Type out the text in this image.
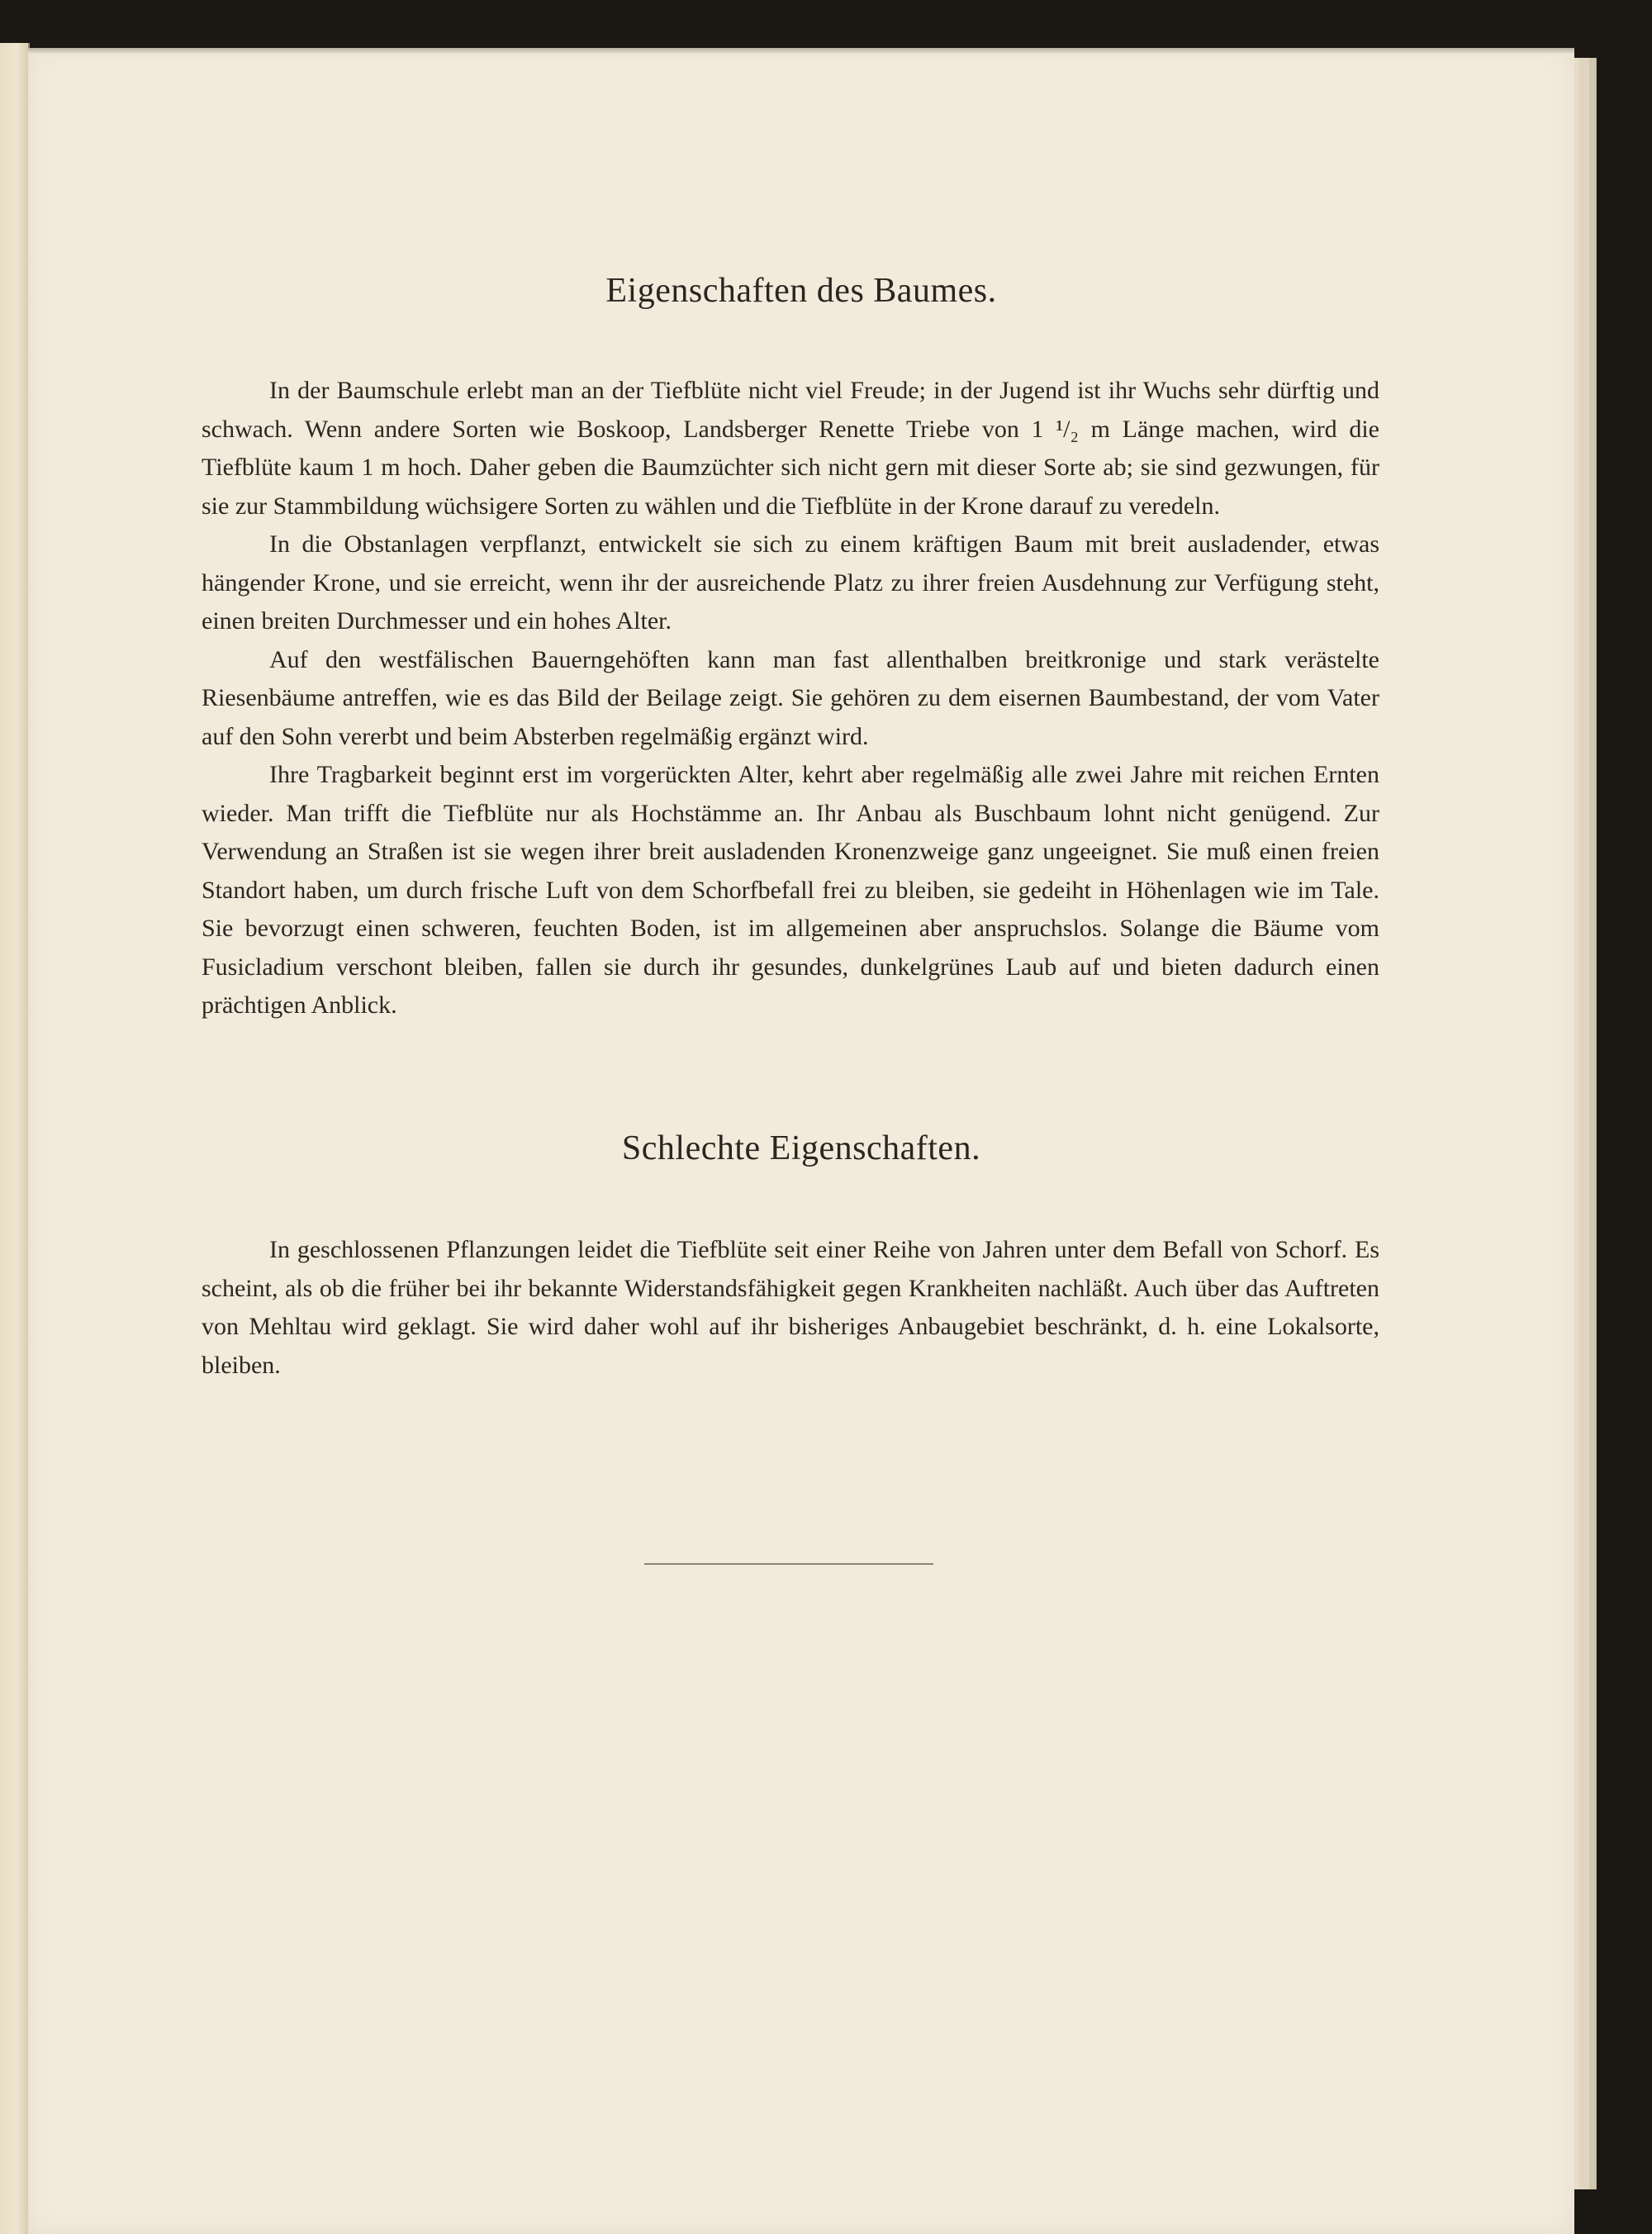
Eigenschaften des Baumes.

In der Baumschule erlebt man an der Tiefblüte nicht viel Freude; in der Jugend ist ihr Wuchs sehr dürftig und schwach. Wenn andere Sorten wie Boskoop, Landsberger Renette Triebe von 1 ¹/₂ m Länge machen, wird die Tiefblüte kaum 1 m hoch. Daher geben die Baumzüchter sich nicht gern mit dieser Sorte ab; sie sind gezwungen, für sie zur Stammbildung wüchsigere Sorten zu wählen und die Tiefblüte in der Krone darauf zu veredeln.

In die Obstanlagen verpflanzt, entwickelt sie sich zu einem kräftigen Baum mit breit ausladender, etwas hängender Krone, und sie erreicht, wenn ihr der ausreichende Platz zu ihrer freien Ausdehnung zur Verfügung steht, einen breiten Durchmesser und ein hohes Alter.

Auf den westfälischen Bauerngehöften kann man fast allenthalben breitkronige und stark verästelte Riesenbäume antreffen, wie es das Bild der Beilage zeigt. Sie gehören zu dem eisernen Baumbestand, der vom Vater auf den Sohn vererbt und beim Absterben regelmäßig ergänzt wird.

Ihre Tragbarkeit beginnt erst im vorgerückten Alter, kehrt aber regelmäßig alle zwei Jahre mit reichen Ernten wieder. Man trifft die Tiefblüte nur als Hochstämme an. Ihr Anbau als Buschbaum lohnt nicht genügend. Zur Verwendung an Straßen ist sie wegen ihrer breit ausladenden Kronenzweige ganz ungeeignet. Sie muß einen freien Standort haben, um durch frische Luft von dem Schorfbefall frei zu bleiben, sie gedeiht in Höhenlagen wie im Tale. Sie bevorzugt einen schweren, feuchten Boden, ist im allgemeinen aber anspruchslos. Solange die Bäume vom Fusicladium verschont bleiben, fallen sie durch ihr gesundes, dunkelgrünes Laub auf und bieten dadurch einen prächtigen Anblick.

Schlechte Eigenschaften.

In geschlossenen Pflanzungen leidet die Tiefblüte seit einer Reihe von Jahren unter dem Befall von Schorf. Es scheint, als ob die früher bei ihr bekannte Widerstandsfähigkeit gegen Krankheiten nachläßt. Auch über das Auftreten von Mehltau wird geklagt. Sie wird daher wohl auf ihr bisheriges Anbaugebiet beschränkt, d. h. eine Lokalsorte, bleiben.
